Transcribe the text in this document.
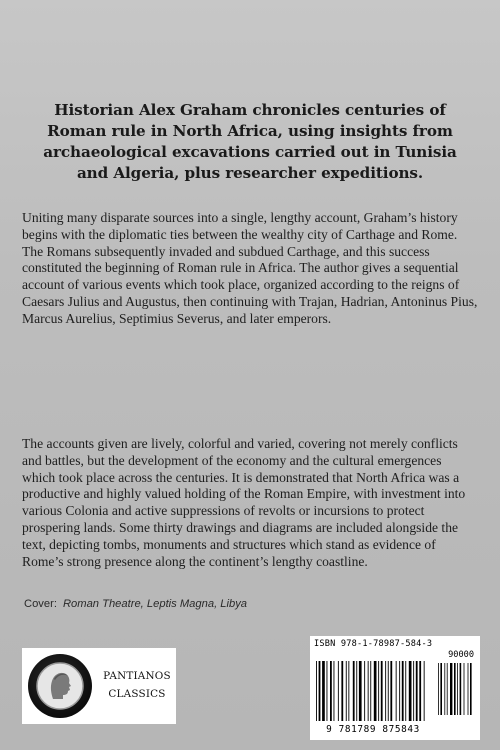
Historian Alex Graham chronicles centuries of
Roman rule in North Africa, using insights from
archaeological excavations carried out in Tunisia
and Algeria, plus researcher expeditions.

Uniting many disparate sources into a single, lengthy account, Graham’s history begins with the diplomatic ties between the wealthy city of Carthage and Rome. The Romans subsequently invaded and subdued Carthage, and this success constituted the beginning of Roman rule in Africa. The author gives a sequential account of various events which took place, organized according to the reigns of Caesars Julius and Augustus, then continuing with Trajan, Hadrian, Antoninus Pius, Marcus Aurelius, Septimius Severus, and later emperors.

The accounts given are lively, colorful and varied, covering not merely conflicts and battles, but the development of the economy and the cultural emergences which took place across the centuries. It is demonstrated that North Africa was a productive and highly valued holding of the Roman Empire, with investment into various Colonia and active suppressions of revolts or incursions to protect prospering lands. Some thirty drawings and diagrams are included alongside the text, depicting tombs, monuments and structures which stand as evidence of Rome’s strong presence along the continent’s lengthy coastline.

Cover: Roman Theatre, Leptis Magna, Libya
PANTIANOS
CLASSICS
ISBN 978-1-78987-584-3
90000
9 781789 875843
